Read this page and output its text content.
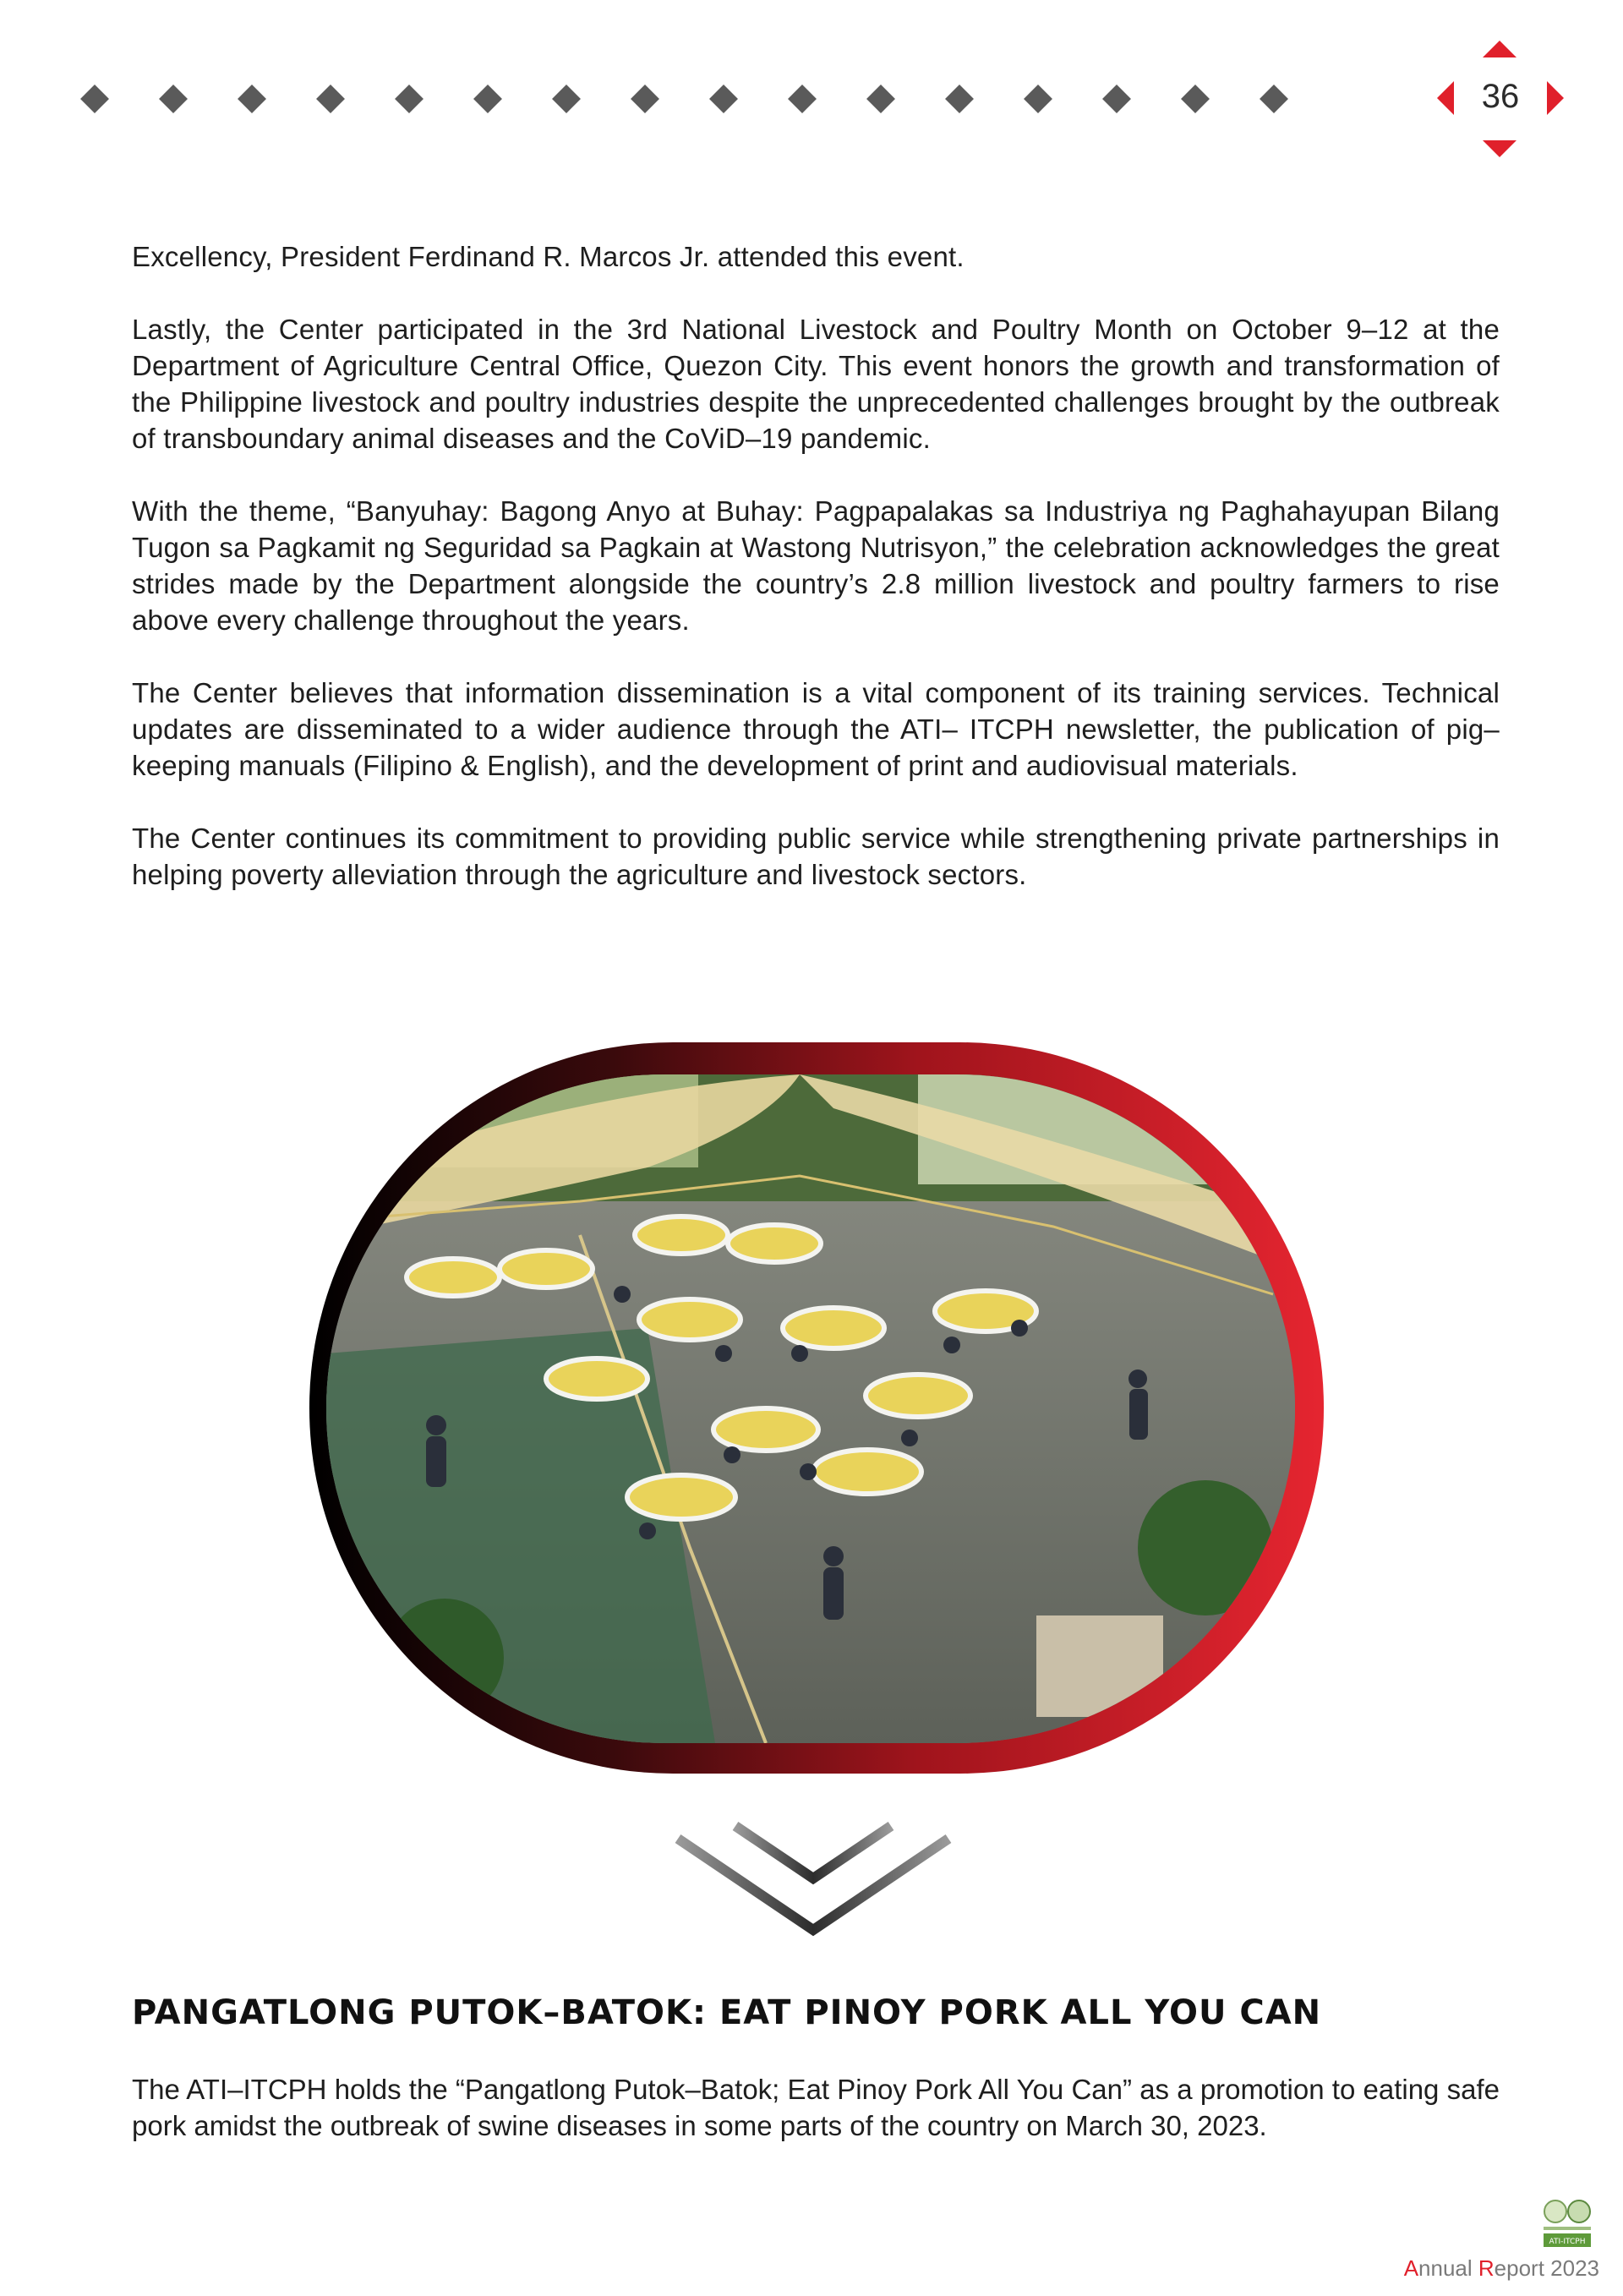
36

Excellency, President Ferdinand R. Marcos Jr. attended this event.

Lastly, the Center participated in the 3rd National Livestock and Poultry Month on October 9–12 at the Department of Agriculture Central Office, Quezon City. This event honors the growth and transformation of the Philippine livestock and poultry industries despite the unprecedented challenges brought by the outbreak of transboundary animal diseases and the CoViD–19 pandemic.

With the theme, “Banyuhay: Bagong Anyo at Buhay: Pagpapalakas sa Industriya ng Paghahayupan Bilang Tugon sa Pagkamit ng Seguridad sa Pagkain at Wastong Nutrisyon,” the celebration acknowledges the great strides made by the Department alongside the country’s 2.8 million livestock and poultry farmers to rise above every challenge throughout the years.

The Center believes that information dissemination is a vital component of its training services. Technical updates are disseminated to a wider audience through the ATI– ITCPH newsletter, the publication of pig–keeping manuals (Filipino & English), and the development of print and audiovisual materials.

The Center continues its commitment to providing public service while strengthening private partnerships in helping poverty alleviation through the agriculture and livestock sectors.

PANGATLONG PUTOK–BATOK: EAT PINOY PORK ALL YOU CAN

The ATI–ITCPH holds the “Pangatlong Putok–Batok; Eat Pinoy Pork All You Can” as a promotion to eating safe pork amidst the outbreak of swine diseases in some parts of the country on March 30, 2023.

ATI-ITCPH
Annual Report 2023
